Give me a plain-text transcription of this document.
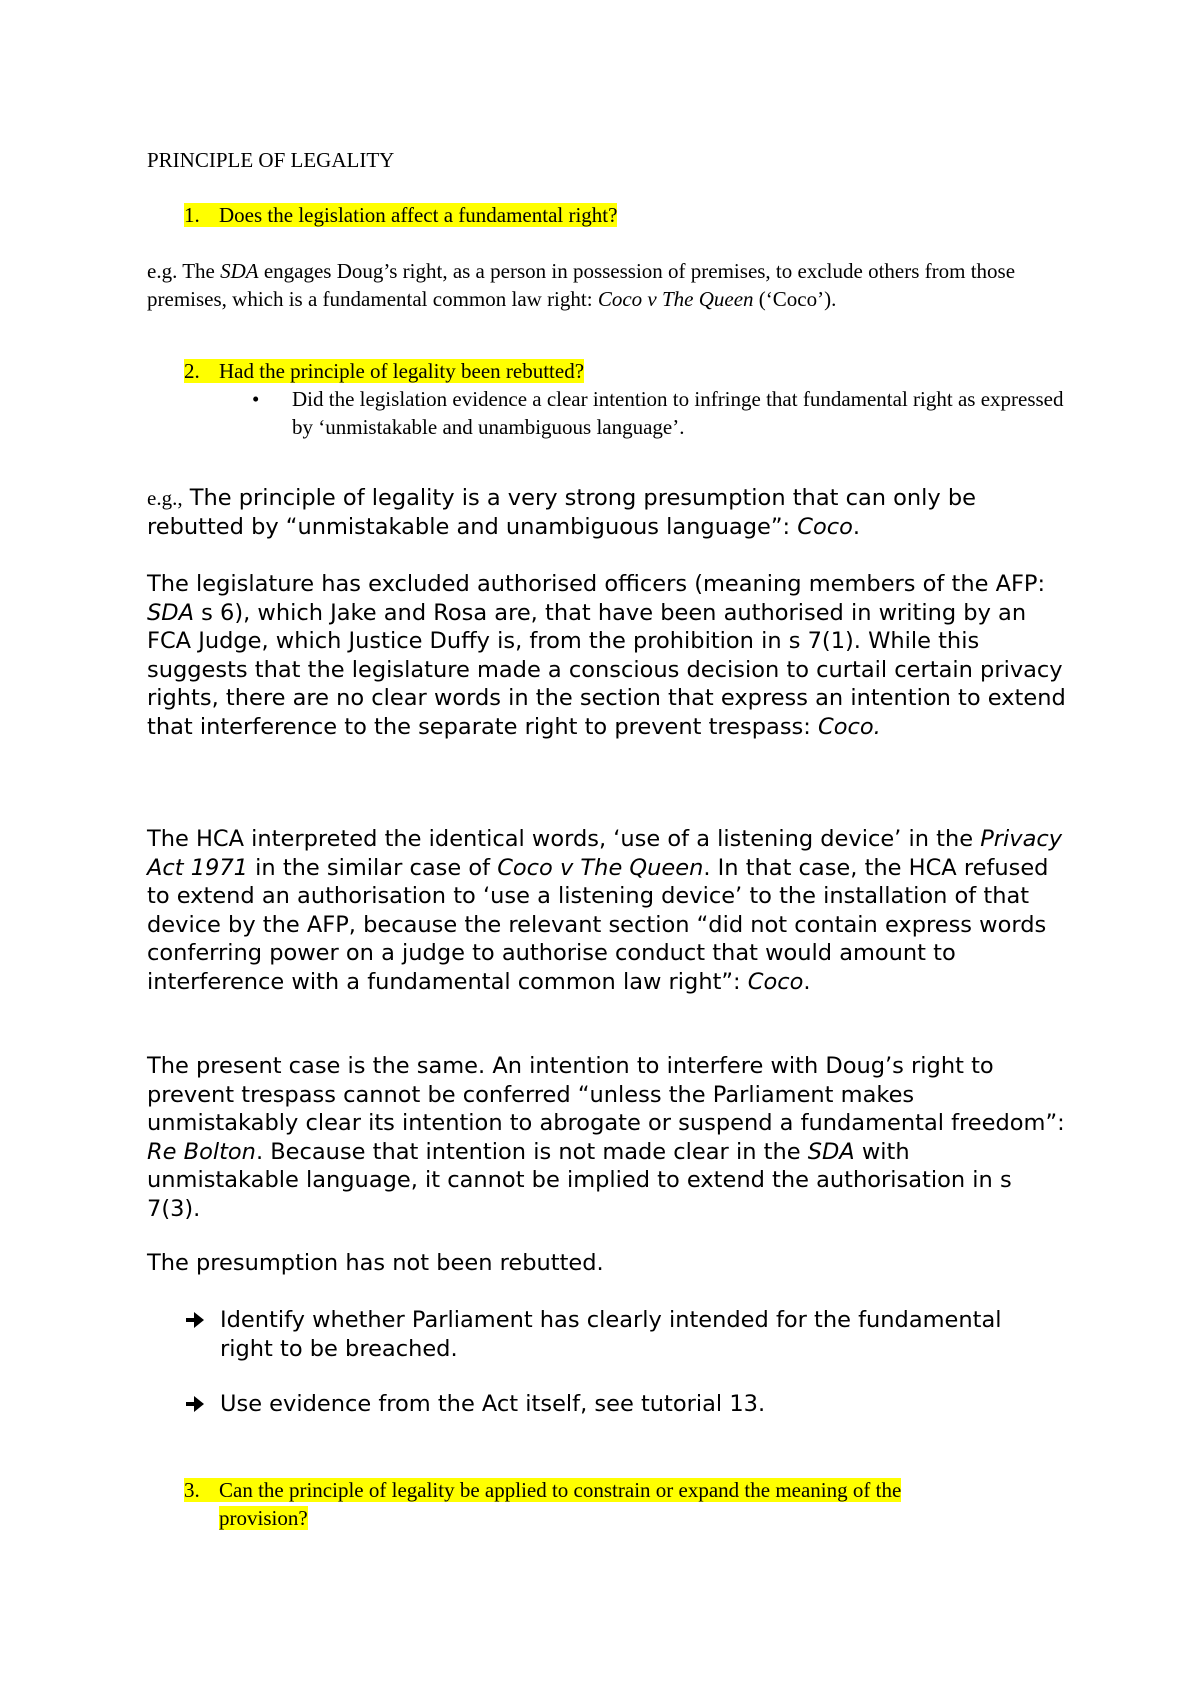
PRINCIPLE OF LEGALITY

1. Does the legislation affect a fundamental right?

e.g. The SDA engages Doug’s right, as a person in possession of premises, to exclude others from those premises, which is a fundamental common law right: Coco v The Queen (‘Coco’).

2. Had the principle of legality been rebutted?

•	Did the legislation evidence a clear intention to infringe that fundamental right as expressed by ‘unmistakable and unambiguous language’.

e.g., The principle of legality is a very strong presumption that can only be rebutted by “unmistakable and unambiguous language”: Coco.

The legislature has excluded authorised officers (meaning members of the AFP: SDA s 6), which Jake and Rosa are, that have been authorised in writing by an FCA Judge, which Justice Duffy is, from the prohibition in s 7(1). While this suggests that the legislature made a conscious decision to curtail certain privacy rights, there are no clear words in the section that express an intention to extend that interference to the separate right to prevent trespass: Coco.

The HCA interpreted the identical words, ‘use of a listening device’ in the Privacy Act 1971 in the similar case of Coco v The Queen. In that case, the HCA refused to extend an authorisation to ‘use a listening device’ to the installation of that device by the AFP, because the relevant section “did not contain express words conferring power on a judge to authorise conduct that would amount to interference with a fundamental common law right”: Coco.

The present case is the same. An intention to interfere with Doug’s right to prevent trespass cannot be conferred “unless the Parliament makes unmistakably clear its intention to abrogate or suspend a fundamental freedom”: Re Bolton. Because that intention is not made clear in the SDA with unmistakable language, it cannot be implied to extend the authorisation in s 7(3).

The presumption has not been rebutted.

Identify whether Parliament has clearly intended for the fundamental right to be breached.

Use evidence from the Act itself, see tutorial 13.

3. Can the principle of legality be applied to constrain or expand the meaning of the
provision?
